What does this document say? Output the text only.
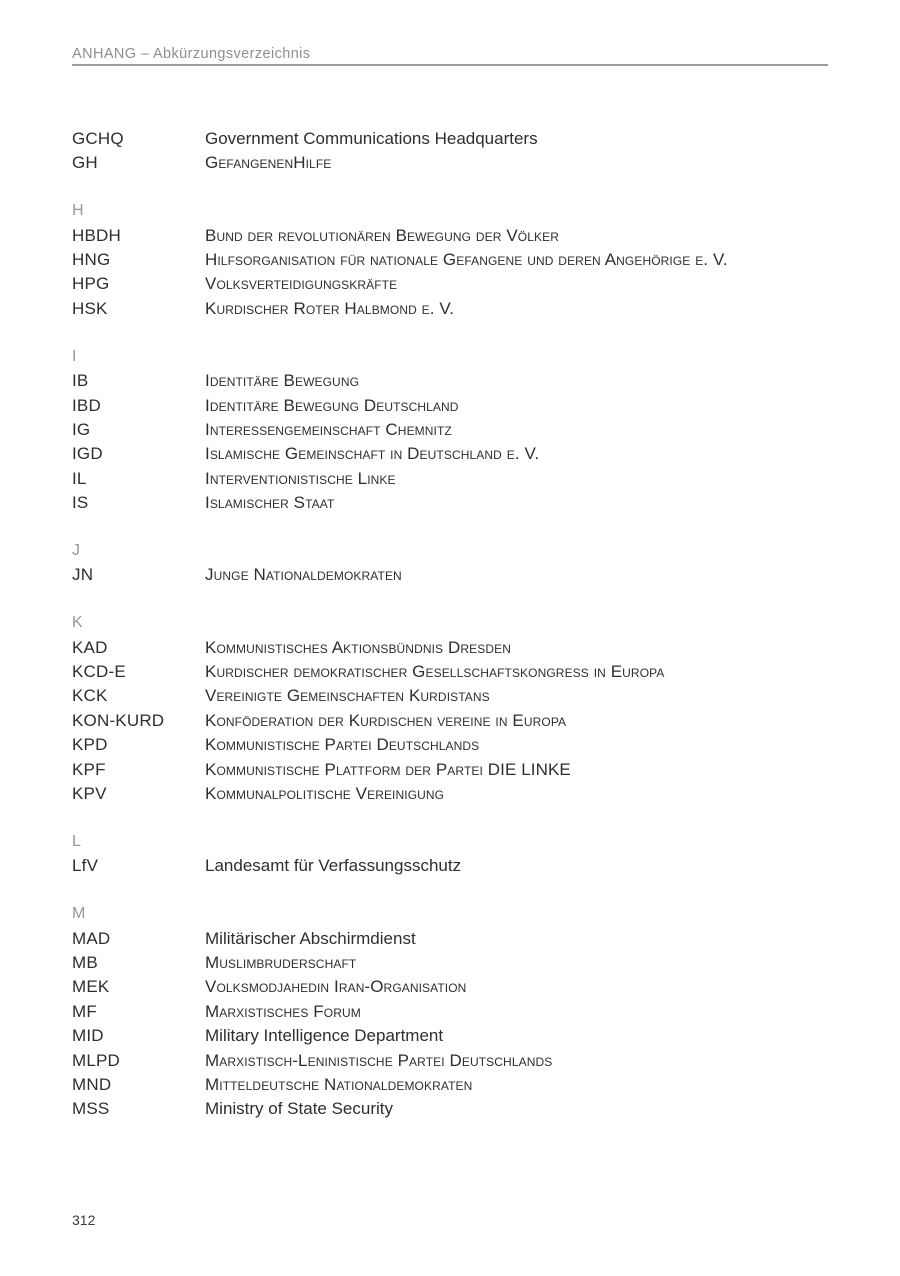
ANHANG – Abkürzungsverzeichnis
GCHQ	Government Communications Headquarters
GH	GefangenenHilfe
H
HBDH	Bund der revolutionären Bewegung der Völker
HNG	Hilfsorganisation für nationale Gefangene und deren Angehörige e. V.
HPG	Volksverteidigungskräfte
HSK	Kurdischer Roter Halbmond e. V.
I
IB	Identitäre Bewegung
IBD	Identitäre Bewegung Deutschland
IG	Interessengemeinschaft Chemnitz
IGD	Islamische Gemeinschaft in Deutschland e. V.
IL	Interventionistische Linke
IS	Islamischer Staat
J
JN	Junge Nationaldemokraten
K
KAD	Kommunistisches Aktionsbündnis Dresden
KCD-E	Kurdischer demokratischer Gesellschaftskongress in Europa
KCK	Vereinigte Gemeinschaften Kurdistans
KON-KURD	Konföderation der Kurdischen vereine in Europa
KPD	Kommunistische Partei Deutschlands
KPF	Kommunistische Plattform der Partei DIE LINKE
KPV	Kommunalpolitische Vereinigung
L
LfV	Landesamt für Verfassungsschutz
M
MAD	Militärischer Abschirmdienst
MB	Muslimbruderschaft
MEK	Volksmodjahedin Iran-Organisation
MF	Marxistisches Forum
MID	Military Intelligence Department
MLPD	Marxistisch-Leninistische Partei Deutschlands
MND	Mitteldeutsche Nationaldemokraten
MSS	Ministry of State Security
312
